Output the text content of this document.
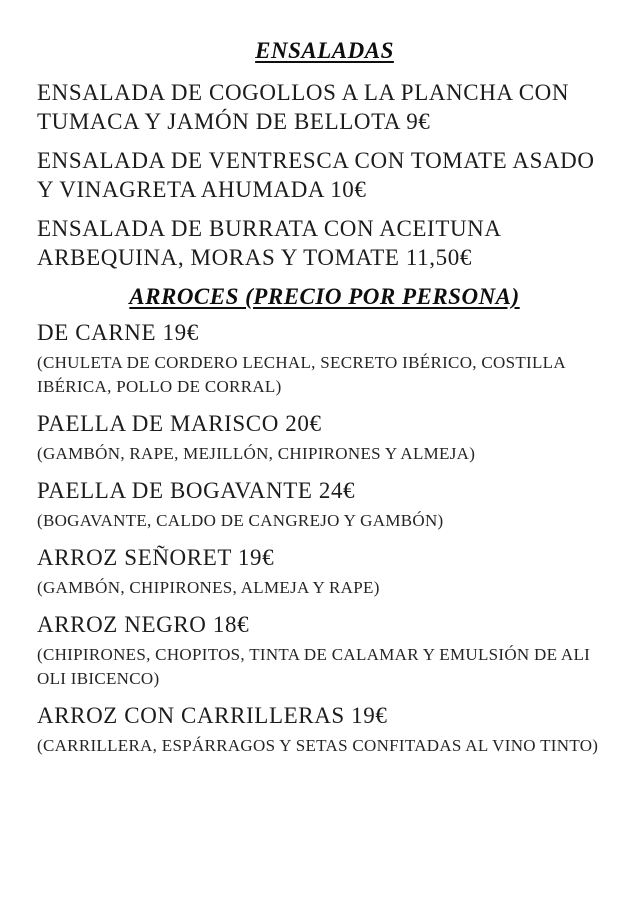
ENSALADAS

ENSALADA DE COGOLLOS A LA PLANCHA CON TUMACA Y JAMÓN DE BELLOTA 9€

ENSALADA DE VENTRESCA CON TOMATE ASADO Y VINAGRETA AHUMADA 10€

ENSALADA DE BURRATA CON ACEITUNA ARBEQUINA, MORAS Y TOMATE 11,50€

ARROCES (PRECIO POR PERSONA)

DE CARNE 19€

(CHULETA DE CORDERO LECHAL, SECRETO IBÉRICO, COSTILLA IBÉRICA, POLLO DE CORRAL)

PAELLA DE MARISCO 20€

(GAMBÓN, RAPE, MEJILLÓN, CHIPIRONES Y ALMEJA)

PAELLA DE BOGAVANTE 24€

(BOGAVANTE, CALDO DE CANGREJO Y GAMBÓN)

ARROZ SEÑORET 19€

(GAMBÓN, CHIPIRONES, ALMEJA Y RAPE)

ARROZ NEGRO 18€

(CHIPIRONES, CHOPITOS, TINTA DE CALAMAR Y EMULSIÓN DE ALI OLI IBICENCO)

ARROZ CON CARRILLERAS 19€

(CARRILLERA, ESPÁRRAGOS Y SETAS CONFITADAS AL VINO TINTO)
